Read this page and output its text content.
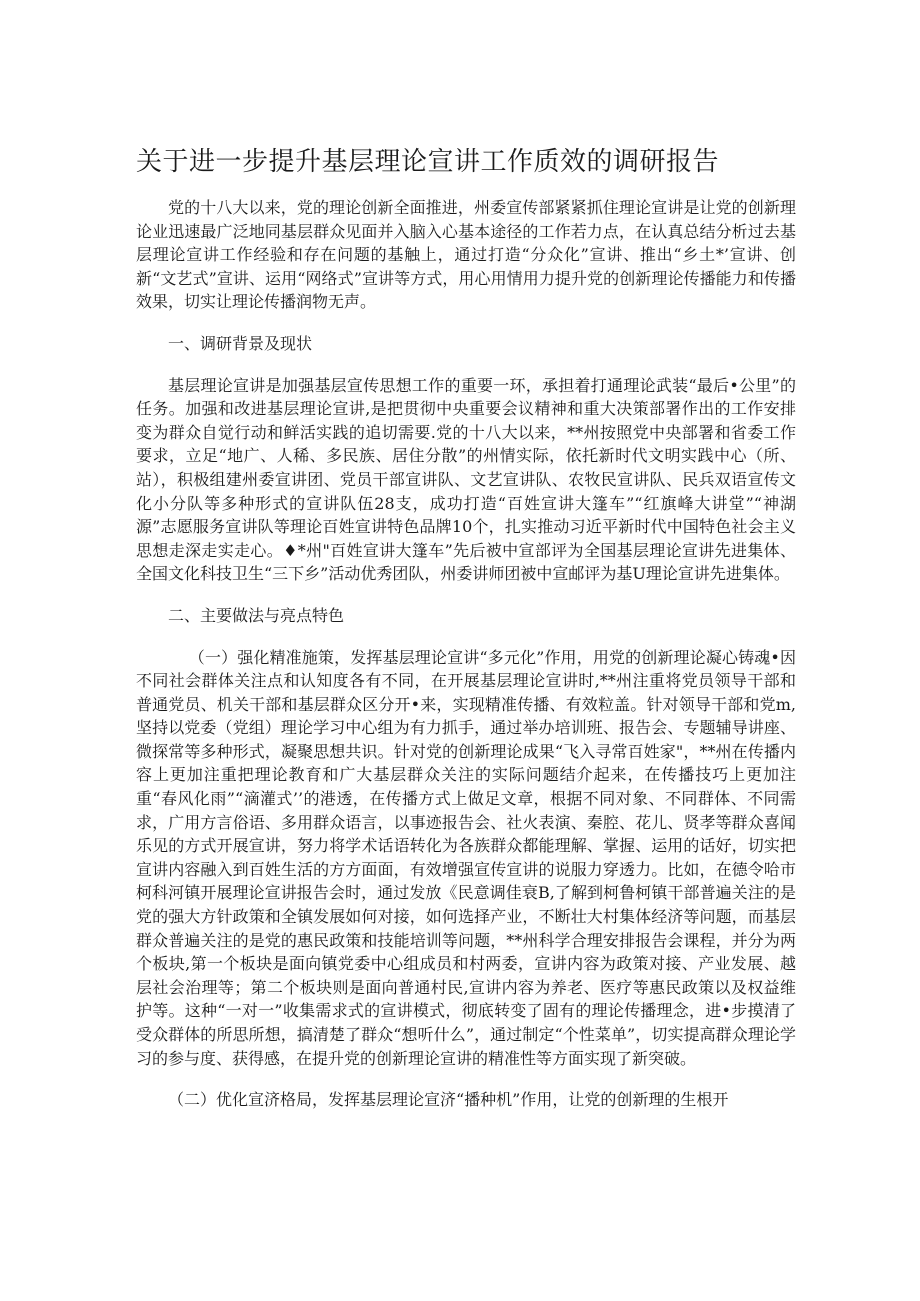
关于进一步提升基层理论宣讲工作质效的调研报告

党的十八大以来，党的理论创新全面推进，州委宣传部紧紧抓住理论宣讲是让党的创新理论业迅速最广泛地同基层群众见面并入脑入心基本途径的工作若力点，在认真总结分析过去基层理论宣讲工作经验和存在问题的基触上，通过打造“分众化”宣讲、推出“乡土*’宣讲、创新“文艺式”宣讲、运用“网络式”宣讲等方式，用心用情用力提升党的创新理论传播能力和传播效果，切实让理论传播润物无声。

一、调研背景及现状

基层理论宣讲是加强基层宣传思想工作的重要一环，承担着打通理论武装“最后•公里”的任务。加强和改进基层理论宣讲,是把贯彻中央重要会议精神和重大决策部署作出的工作安排变为群众自觉行动和鲜活实践的追切需要.党的十八大以来，**州按照党中央部署和省委工作要求，立足“地广、人稀、多民族、居住分散”的州情实际，依托新时代文明实践中心（所、站），积极组建州委宣讲团、党员干部宣讲队、文艺宣讲队、农牧民宣讲队、民兵双语宣传文化小分队等多种形式的宣讲队伍28支，成功打造“百姓宣讲大篷车”“红旗峰大讲堂”“神湖源”志愿服务宣讲队等理论百姓宣讲特色品牌10个，扎实推动习近平新时代中国特色社会主义思想走深走实走心。♦*州"百姓宣讲大篷车”先后被中宣部评为全国基层理论宣讲先进集体、全国文化科技卫生“三下乡”活动优秀团队，州委讲师团被中宣邮评为基U理论宣讲先进集体。

二、主要做法与亮点特色

（一）强化精准施策，发挥基层理论宣讲“多元化”作用，用党的创新理论凝心铸魂•因不同社会群体关注点和认知度各有不同，在开展基层理论宣讲时,**州注重将党员领导干部和普通党员、机关干部和基层群众区分开•来，实现精准传播、有效粒盖。针对领导干部和党m,坚持以党委（党组）理论学习中心组为有力抓手，通过举办培训班、报告会、专题辅导讲座、微探常等多种形式，凝聚思想共识。针对党的创新理论成果“飞入寻常百姓家"，**州在传播内容上更加注重把理论教育和广大基层群众关注的实际问题结介起来，在传播技巧上更加注重“春风化雨”“滴灌式’’的港透，在传播方式上做足文章，根据不同对象、不同群体、不同需求，广用方言俗语、多用群众语言，以事迹报告会、社火表演、秦腔、花儿、贤孝等群众喜闻乐见的方式开展宣讲，努力将学术话语转化为各族群众都能理解、掌握、运用的话好，切实把宣讲内容融入到百姓生活的方方面面，有效增强宣传宣讲的说服力穿透力。比如，在德令哈市柯科河镇开展理论宣讲报告会时，通过发放《民意调佳衰B,了解到柯鲁柯镇干部普遍关注的是党的强大方针政策和全镇发展如何对接，如何选择产业，不断壮大村集体经济等问题，而基层群众普遍关注的是党的惠民政策和技能培训等问题，**州科学合理安排报告会课程，并分为两个板块,第一个板块是面向镇党委中心组成员和村两委，宣讲内容为政策对接、产业发展、越层社会治理等；第二个板块则是面向普通村民,宣讲内容为养老、医疗等惠民政策以及权益维护等。这种“一对一”收集需求式的宣讲模式，彻底转变了固有的理论传播理念，进•步摸清了受众群体的所思所想，搞清楚了群众“想听什么”，通过制定“个性菜单”，切实提高群众理论学习的参与度、获得感，在提升党的创新理论宣讲的精准性等方面实现了新突破。

（二）优化宣济格局，发挥基层理论宣济“播种机”作用，让党的创新理的生根开
